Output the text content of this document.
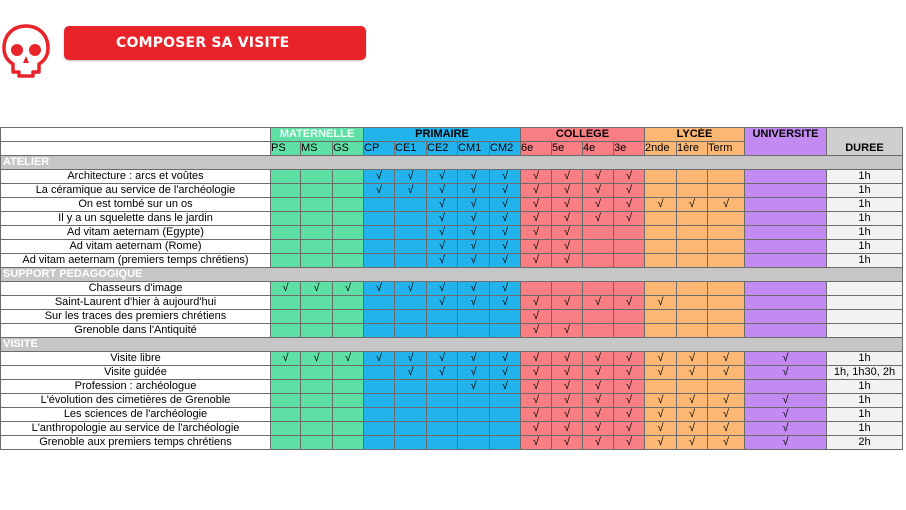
COMPOSER SA VISITE
	MATERNELLE			PRIMAIRE					COLLEGE				LYCÉE			UNIVERSITE	DUREE
	PS	MS	GS	CP	CE1	CE2	CM1	CM2	6e	5e	4e	3e	2nde	1ère	Term		
ATELIER																	
Architecture : arcs et voûtes				√	√	√	√	√	√	√	√	√					1h
La céramique au service de l'archéologie				√	√	√	√	√	√	√	√	√					1h
On est tombé sur un os						√	√	√	√	√	√	√	√	√	√		1h
Il y a un squelette dans le jardin						√	√	√	√	√	√	√					1h
Ad vitam aeternam (Egypte)						√	√	√	√	√							1h
Ad vitam aeternam (Rome)						√	√	√	√	√							1h
Ad vitam aeternam (premiers temps chrétiens)						√	√	√	√	√							1h
SUPPORT PEDAGOGIQUE																	
Chasseurs d'image	√	√	√	√	√	√	√	√									
Saint-Laurent d'hier à aujourd'hui						√	√	√	√	√	√	√	√				
Sur les traces des premiers chrétiens									√								
Grenoble dans l'Antiquité									√	√							
VISITE																	
Visite libre	√	√	√	√	√	√	√	√	√	√	√	√	√	√	√	√	1h
Visite guidée					√	√	√	√	√	√	√	√	√	√	√	√	1h, 1h30, 2h
Profession : archéologue							√	√	√	√	√	√					1h
L'évolution des cimetières de Grenoble									√	√	√	√	√	√	√	√	1h
Les sciences de l'archéologie									√	√	√	√	√	√	√	√	1h
L'anthropologie au service de l'archéologie									√	√	√	√	√	√	√	√	1h
Grenoble aux premiers temps chrétiens									√	√	√	√	√	√	√	√	2h
